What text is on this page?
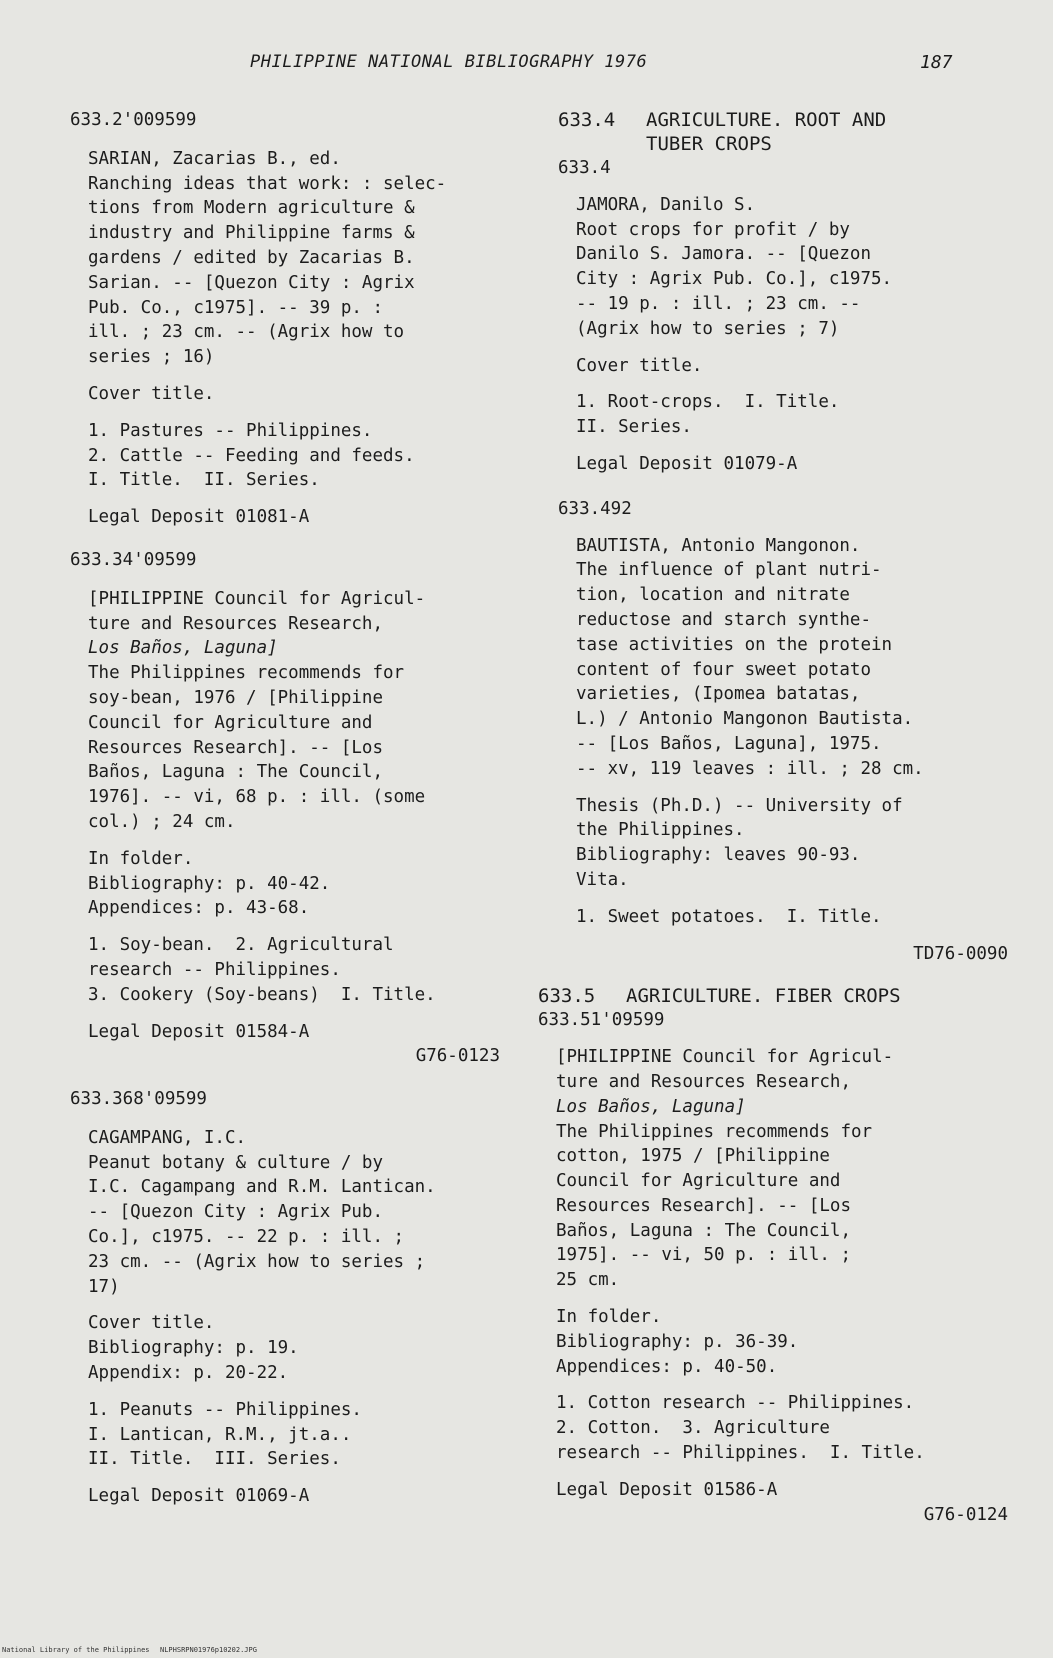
PHILIPPINE NATIONAL BIBLIOGRAPHY 1976	187
633.2'009599
SARIAN, Zacarias B., ed.
Ranching ideas that work: : selec-
tions from Modern agriculture &
industry and Philippine farms &
gardens / edited by Zacarias B.
Sarian. -- [Quezon City : Agrix
Pub. Co., c1975]. -- 39 p. :
ill. ; 23 cm. -- (Agrix how to
series ; 16)
Cover title.
1. Pastures -- Philippines.
2. Cattle -- Feeding and feeds.
I. Title.  II. Series.
Legal Deposit 01081-A
633.34'09599
[PHILIPPINE Council for Agricul-
ture and Resources Research,
Los Baños, Laguna]
The Philippines recommends for
soy-bean, 1976 / [Philippine
Council for Agriculture and
Resources Research]. -- [Los
Baños, Laguna : The Council,
1976]. -- vi, 68 p. : ill. (some
col.) ; 24 cm.
In folder.
Bibliography: p. 40-42.
Appendices: p. 43-68.
1. Soy-bean.  2. Agricultural
research -- Philippines.
3. Cookery (Soy-beans)  I. Title.
Legal Deposit 01584-A
G76-0123
633.368'09599
CAGAMPANG, I.C.
Peanut botany & culture / by
I.C. Cagampang and R.M. Lantican.
-- [Quezon City : Agrix Pub.
Co.], c1975. -- 22 p. : ill. ;
23 cm. -- (Agrix how to series ;
17)
Cover title.
Bibliography: p. 19.
Appendix: p. 20-22.
1. Peanuts -- Philippines.
I. Lantican, R.M., jt.a..
II. Title.  III. Series.
Legal Deposit 01069-A
633.4 AGRICULTURE. ROOT AND
TUBER CROPS
633.4
JAMORA, Danilo S.
Root crops for profit / by
Danilo S. Jamora. -- [Quezon
City : Agrix Pub. Co.], c1975.
-- 19 p. : ill. ; 23 cm. --
(Agrix how to series ; 7)
Cover title.
1. Root-crops.  I. Title.
II. Series.
Legal Deposit 01079-A
633.492
BAUTISTA, Antonio Mangonon.
The influence of plant nutri-
tion, location and nitrate
reductose and starch synthe-
tase activities on the protein
content of four sweet potato
varieties, (Ipomea batatas,
L.) / Antonio Mangonon Bautista.
-- [Los Baños, Laguna], 1975.
-- xv, 119 leaves : ill. ; 28 cm.
Thesis (Ph.D.) -- University of
the Philippines.
Bibliography: leaves 90-93.
Vita.
1. Sweet potatoes.  I. Title.
TD76-0090
633.5 AGRICULTURE. FIBER CROPS
633.51'09599
[PHILIPPINE Council for Agricul-
ture and Resources Research,
Los Baños, Laguna]
The Philippines recommends for
cotton, 1975 / [Philippine
Council for Agriculture and
Resources Research]. -- [Los
Baños, Laguna : The Council,
1975]. -- vi, 50 p. : ill. ;
25 cm.
In folder.
Bibliography: p. 36-39.
Appendices: p. 40-50.
1. Cotton research -- Philippines.
2. Cotton.  3. Agriculture
research -- Philippines.  I. Title.
Legal Deposit 01586-A
G76-0124
National Library of the Philippines NLPHSRPN01976p10202.JPG
